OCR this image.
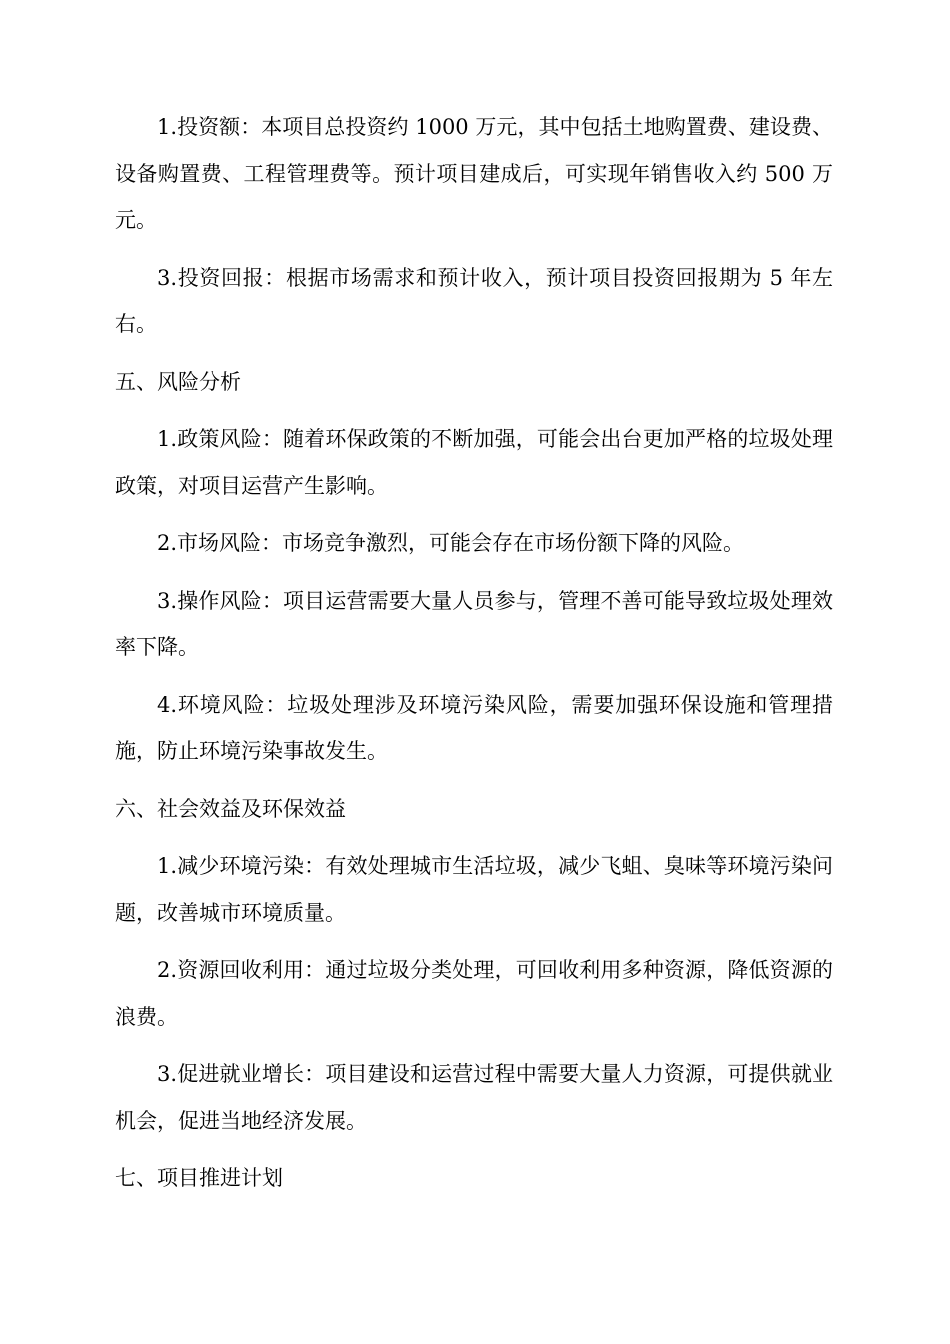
1.投资额：本项目总投资约 1000 万元，其中包括土地购置费、建设费、设备购置费、工程管理费等。预计项目建成后，可实现年销售收入约 500 万元。

3.投资回报：根据市场需求和预计收入，预计项目投资回报期为 5 年左右。

五、风险分析

1.政策风险：随着环保政策的不断加强，可能会出台更加严格的垃圾处理政策，对项目运营产生影响。

2.市场风险：市场竞争激烈，可能会存在市场份额下降的风险。

3.操作风险：项目运营需要大量人员参与，管理不善可能导致垃圾处理效率下降。

4.环境风险：垃圾处理涉及环境污染风险，需要加强环保设施和管理措施，防止环境污染事故发生。

六、社会效益及环保效益

1.减少环境污染：有效处理城市生活垃圾，减少飞蛆、臭味等环境污染问题，改善城市环境质量。

2.资源回收利用：通过垃圾分类处理，可回收利用多种资源，降低资源的浪费。

3.促进就业增长：项目建设和运营过程中需要大量人力资源，可提供就业机会，促进当地经济发展。

七、项目推进计划
